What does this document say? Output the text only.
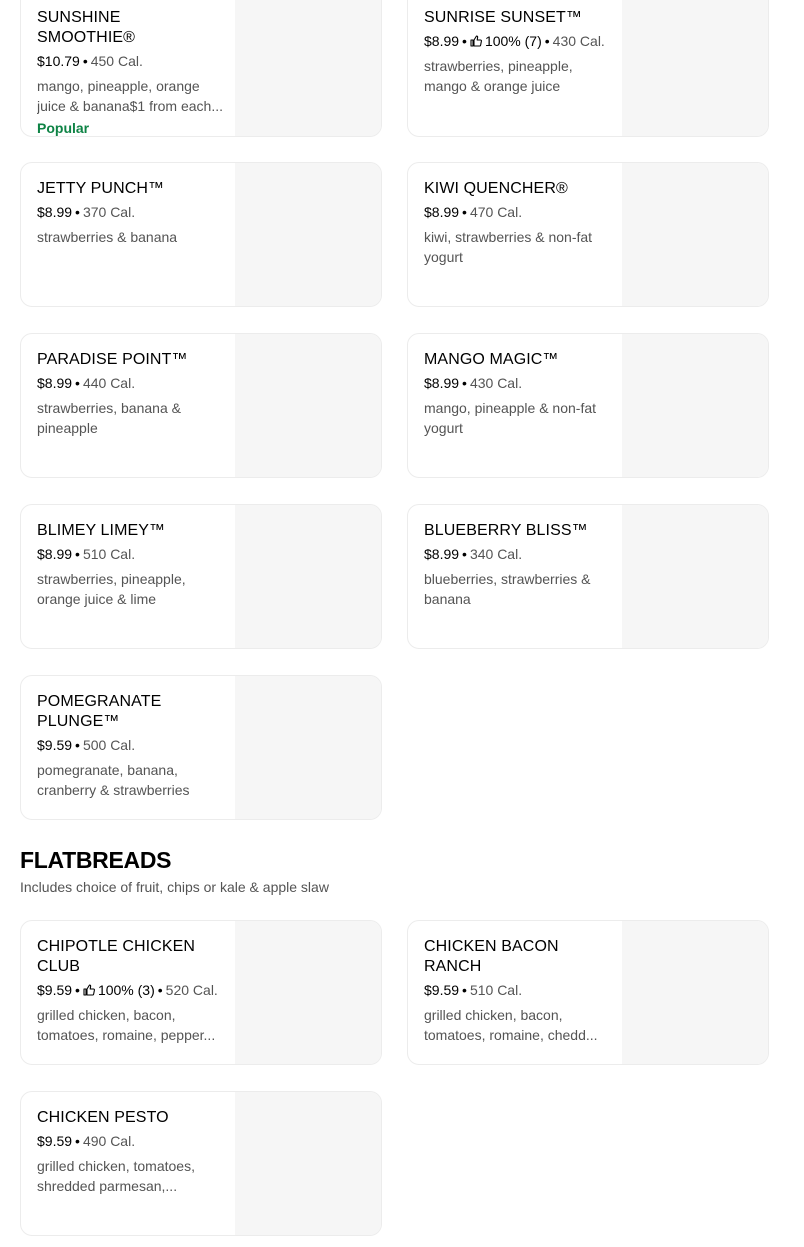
SUNSHINE SMOOTHIE®
$10.79 • 450 Cal.
mango, pineapple, orange juice & banana$1 from each...
Popular
SUNRISE SUNSET™
$8.99 • 100% (7) • 430 Cal.
strawberries, pineapple, mango & orange juice
JETTY PUNCH™
$8.99 • 370 Cal.
strawberries & banana
KIWI QUENCHER®
$8.99 • 470 Cal.
kiwi, strawberries & non-fat yogurt
PARADISE POINT™
$8.99 • 440 Cal.
strawberries, banana & pineapple
MANGO MAGIC™
$8.99 • 430 Cal.
mango, pineapple & non-fat yogurt
BLIMEY LIMEY™
$8.99 • 510 Cal.
strawberries, pineapple, orange juice & lime
BLUEBERRY BLISS™
$8.99 • 340 Cal.
blueberries, strawberries & banana
POMEGRANATE PLUNGE™
$9.59 • 500 Cal.
pomegranate, banana, cranberry & strawberries
CHIPOTLE CHICKEN CLUB
$9.59 • 100% (3) • 520 Cal.
grilled chicken, bacon, tomatoes, romaine, pepper...
CHICKEN BACON RANCH
$9.59 • 510 Cal.
grilled chicken, bacon, tomatoes, romaine, chedd...
CHICKEN PESTO
$9.59 • 490 Cal.
grilled chicken, tomatoes, shredded parmesan,...
FLATBREADS
Includes choice of fruit, chips or kale & apple slaw
